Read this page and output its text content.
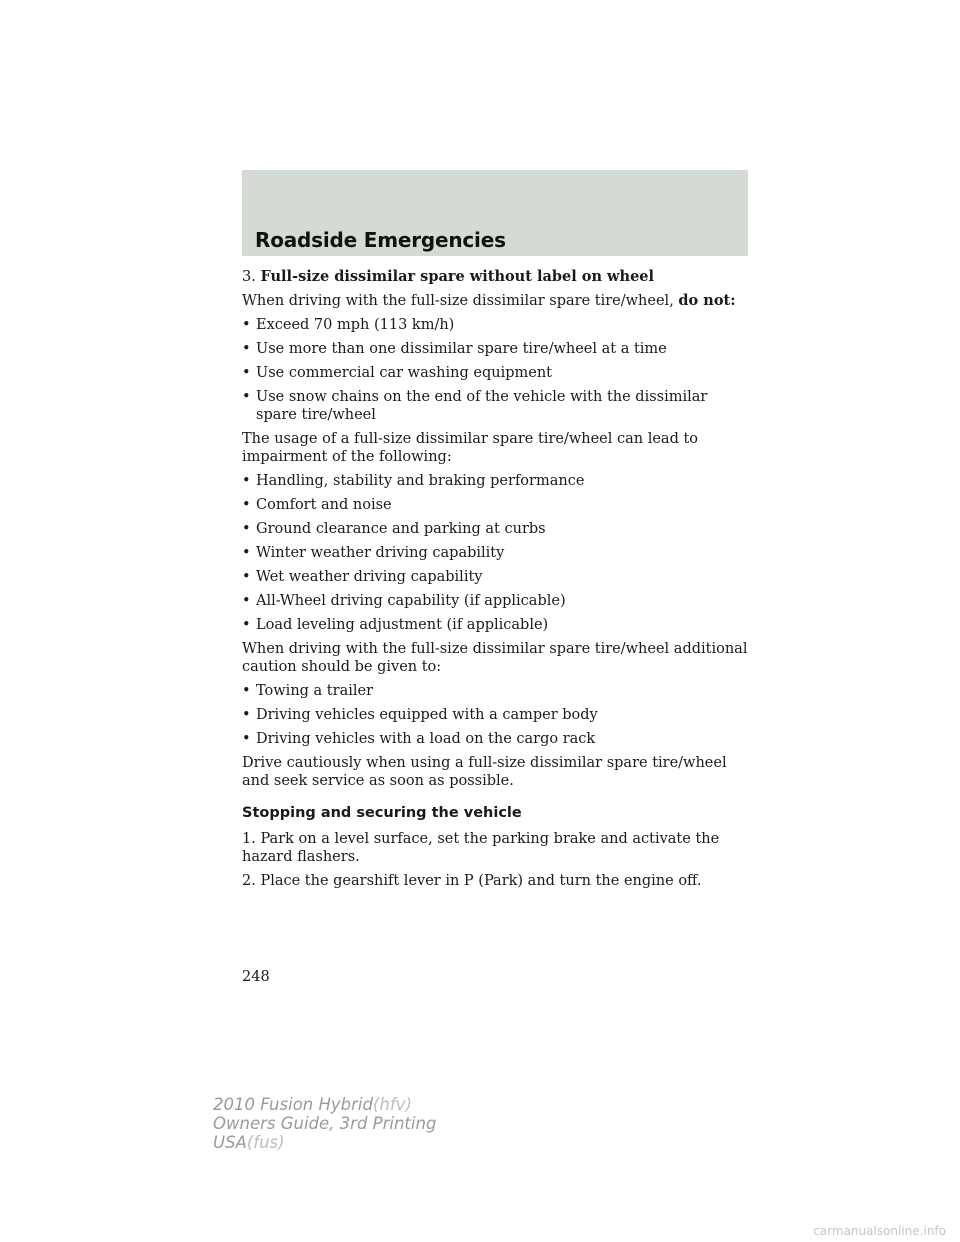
Roadside Emergencies

3. Full-size dissimilar spare without label on wheel

When driving with the full-size dissimilar spare tire/wheel, do not:

• Exceed 70 mph (113 km/h)
• Use more than one dissimilar spare tire/wheel at a time
• Use commercial car washing equipment
• Use snow chains on the end of the vehicle with the dissimilar spare tire/wheel

The usage of a full-size dissimilar spare tire/wheel can lead to impairment of the following:

• Handling, stability and braking performance
• Comfort and noise
• Ground clearance and parking at curbs
• Winter weather driving capability
• Wet weather driving capability
• All-Wheel driving capability (if applicable)
• Load leveling adjustment (if applicable)

When driving with the full-size dissimilar spare tire/wheel additional caution should be given to:

• Towing a trailer
• Driving vehicles equipped with a camper body
• Driving vehicles with a load on the cargo rack

Drive cautiously when using a full-size dissimilar spare tire/wheel and seek service as soon as possible.

Stopping and securing the vehicle

1. Park on a level surface, set the parking brake and activate the hazard flashers.

2. Place the gearshift lever in P (Park) and turn the engine off.

248
2010 Fusion Hybrid(hfv)
Owners Guide, 3rd Printing
USA(fus)
carmanualsonline.info
